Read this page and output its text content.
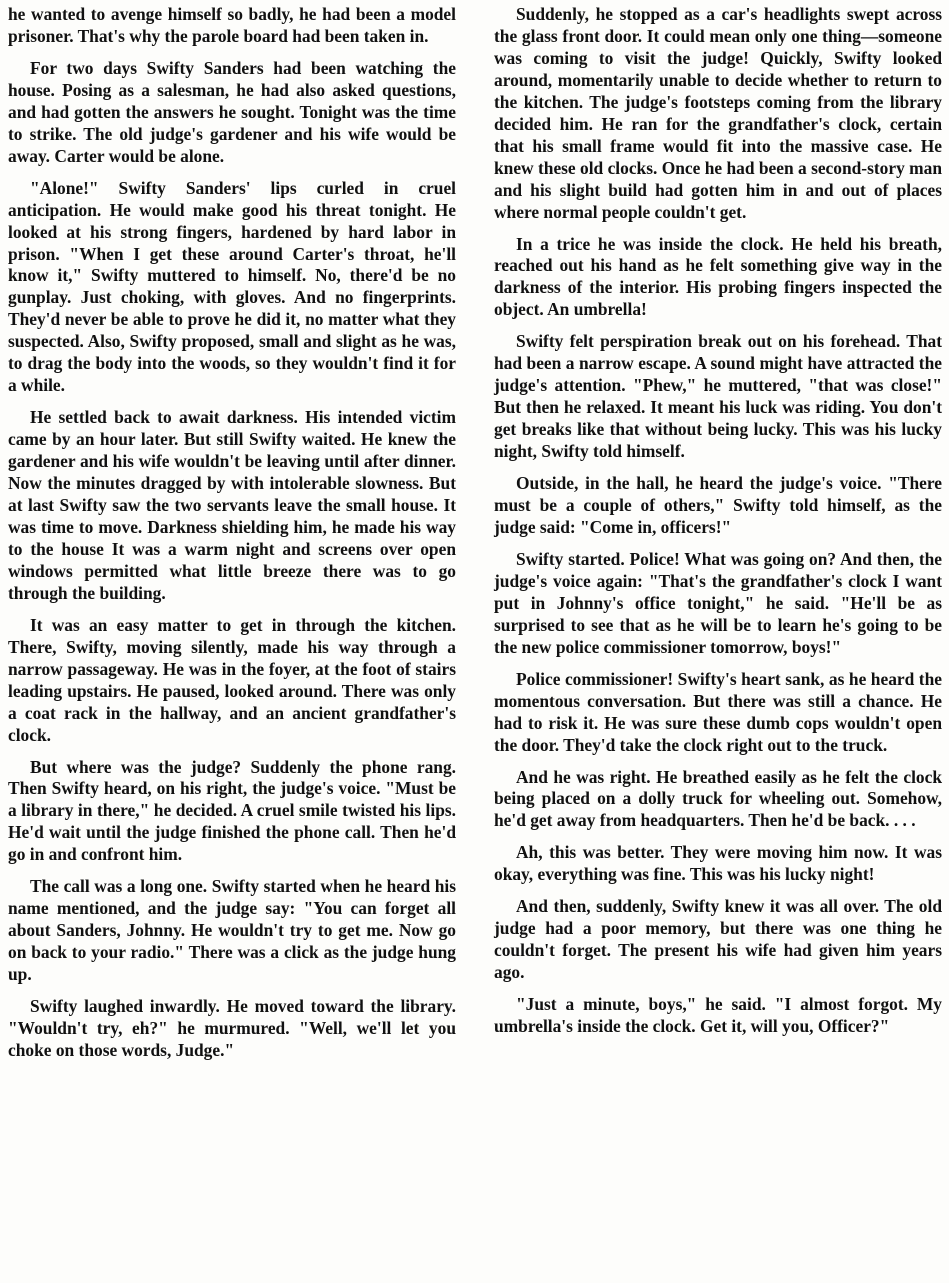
he wanted to avenge himself so badly, he had been a model prisoner. That's why the parole board had been taken in.

For two days Swifty Sanders had been watching the house. Posing as a salesman, he had also asked questions, and had gotten the answers he sought. Tonight was the time to strike. The old judge's gardener and his wife would be away. Carter would be alone.

"Alone!" Swifty Sanders' lips curled in cruel anticipation. He would make good his threat tonight. He looked at his strong fingers, hardened by hard labor in prison. "When I get these around Carter's throat, he'll know it," Swifty muttered to himself. No, there'd be no gunplay. Just choking, with gloves. And no fingerprints. They'd never be able to prove he did it, no matter what they suspected. Also, Swifty proposed, small and slight as he was, to drag the body into the woods, so they wouldn't find it for a while.

He settled back to await darkness. His intended victim came by an hour later. But still Swifty waited. He knew the gardener and his wife wouldn't be leaving until after dinner. Now the minutes dragged by with intolerable slowness. But at last Swifty saw the two servants leave the small house. It was time to move. Darkness shielding him, he made his way to the house It was a warm night and screens over open windows permitted what little breeze there was to go through the building.

It was an easy matter to get in through the kitchen. There, Swifty, moving silently, made his way through a narrow passageway. He was in the foyer, at the foot of stairs leading upstairs. He paused, looked around. There was only a coat rack in the hallway, and an ancient grandfather's clock.

But where was the judge? Suddenly the phone rang. Then Swifty heard, on his right, the judge's voice. "Must be a library in there," he decided. A cruel smile twisted his lips. He'd wait until the judge finished the phone call. Then he'd go in and confront him.

The call was a long one. Swifty started when he heard his name mentioned, and the judge say: "You can forget all about Sanders, Johnny. He wouldn't try to get me. Now go on back to your radio." There was a click as the judge hung up.

Swifty laughed inwardly. He moved toward the library. "Wouldn't try, eh?" he murmured. "Well, we'll let you choke on those words, Judge."

Suddenly, he stopped as a car's headlights swept across the glass front door. It could mean only one thing—someone was coming to visit the judge! Quickly, Swifty looked around, momentarily unable to decide whether to return to the kitchen. The judge's footsteps coming from the library decided him. He ran for the grandfather's clock, certain that his small frame would fit into the massive case. He knew these old clocks. Once he had been a second-story man and his slight build had gotten him in and out of places where normal people couldn't get.

In a trice he was inside the clock. He held his breath, reached out his hand as he felt something give way in the darkness of the interior. His probing fingers inspected the object. An umbrella!

Swifty felt perspiration break out on his forehead. That had been a narrow escape. A sound might have attracted the judge's attention. "Phew," he muttered, "that was close!" But then he relaxed. It meant his luck was riding. You don't get breaks like that without being lucky. This was his lucky night, Swifty told himself.

Outside, in the hall, he heard the judge's voice. "There must be a couple of others," Swifty told himself, as the judge said: "Come in, officers!"

Swifty started. Police! What was going on? And then, the judge's voice again: "That's the grandfather's clock I want put in Johnny's office tonight," he said. "He'll be as surprised to see that as he will be to learn he's going to be the new police commissioner tomorrow, boys!"

Police commissioner! Swifty's heart sank, as he heard the momentous conversation. But there was still a chance. He had to risk it. He was sure these dumb cops wouldn't open the door. They'd take the clock right out to the truck.

And he was right. He breathed easily as he felt the clock being placed on a dolly truck for wheeling out. Somehow, he'd get away from headquarters. Then he'd be back. . . .

Ah, this was better. They were moving him now. It was okay, everything was fine. This was his lucky night!

And then, suddenly, Swifty knew it was all over. The old judge had a poor memory, but there was one thing he couldn't forget. The present his wife had given him years ago.

"Just a minute, boys," he said. "I almost forgot. My umbrella's inside the clock. Get it, will you, Officer?"
